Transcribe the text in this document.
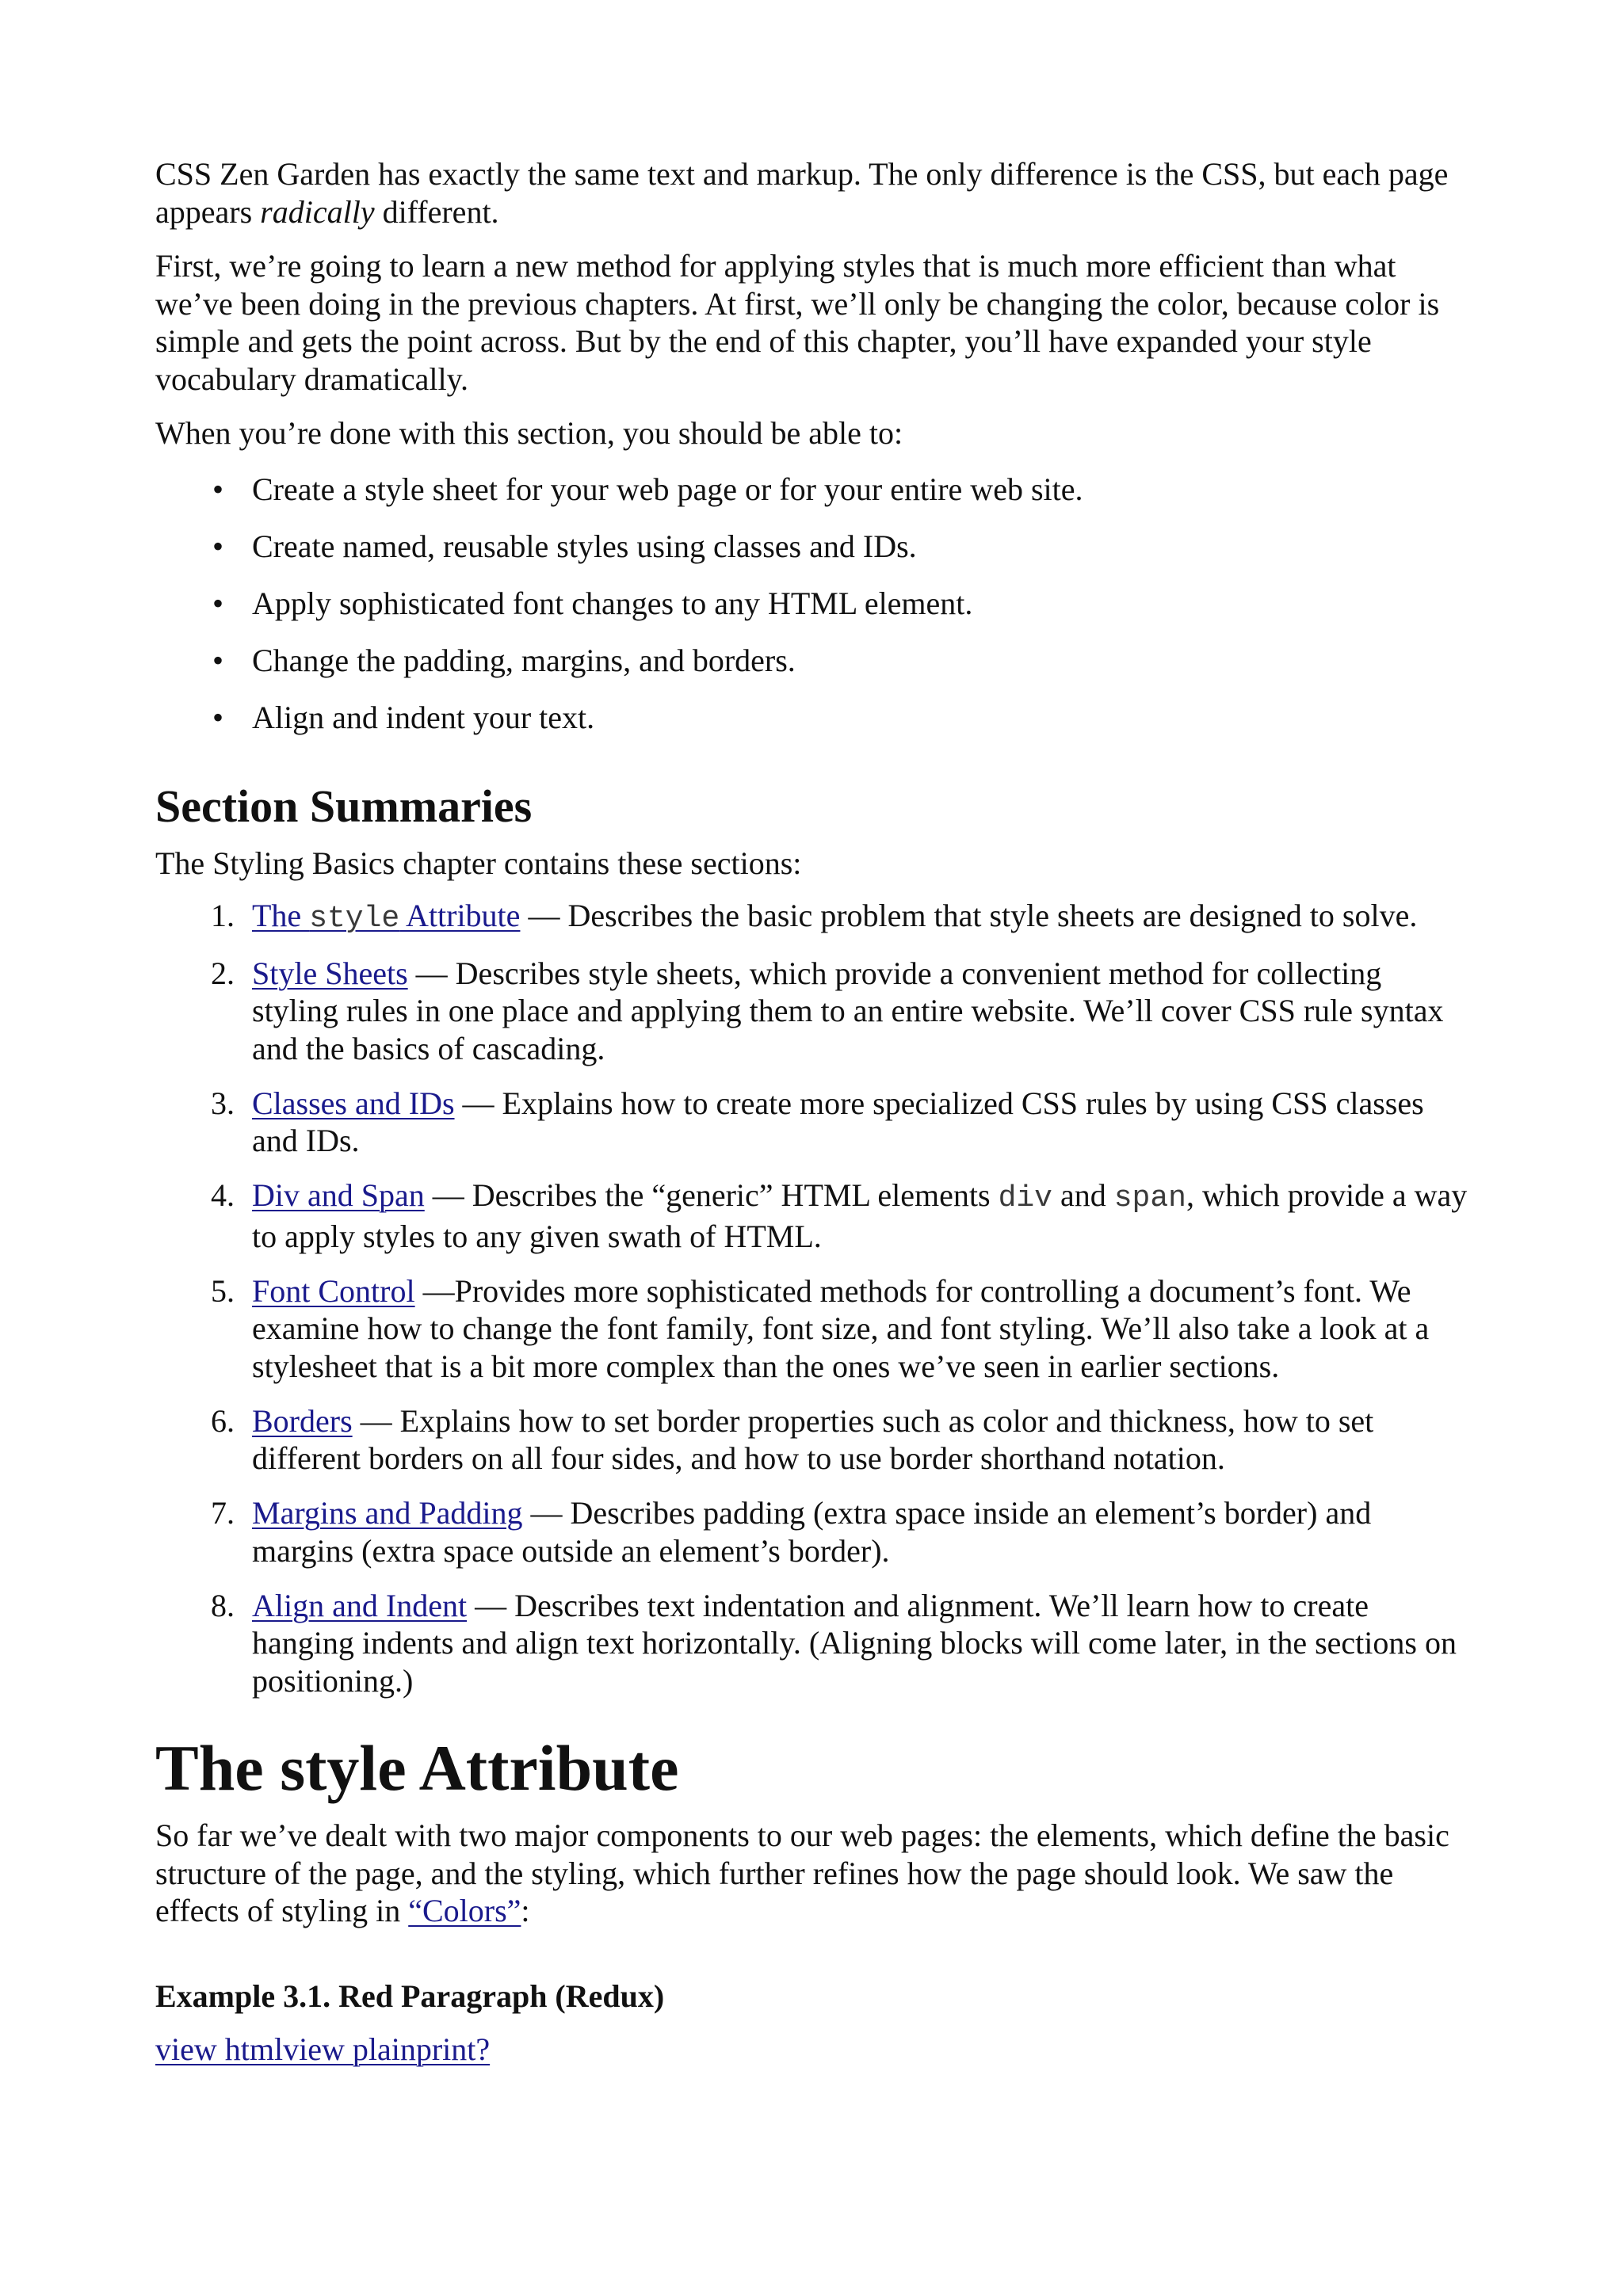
CSS Zen Garden has exactly the same text and markup. The only difference is the CSS, but each page appears radically different.

First, we’re going to learn a new method for applying styles that is much more efficient than what we’ve been doing in the previous chapters. At first, we’ll only be changing the color, because color is simple and gets the point across. But by the end of this chapter, you’ll have expanded your style vocabulary dramatically.

When you’re done with this section, you should be able to:

• Create a style sheet for your web page or for your entire web site.
• Create named, reusable styles using classes and IDs.
• Apply sophisticated font changes to any HTML element.
• Change the padding, margins, and borders.
• Align and indent your text.
Section Summaries

The Styling Basics chapter contains these sections:

1. The style Attribute — Describes the basic problem that style sheets are designed to solve.
2. Style Sheets — Describes style sheets, which provide a convenient method for collecting styling rules in one place and applying them to an entire website. We’ll cover CSS rule syntax and the basics of cascading.
3. Classes and IDs — Explains how to create more specialized CSS rules by using CSS classes and IDs.
4. Div and Span — Describes the “generic” HTML elements div and span, which provide a way to apply styles to any given swath of HTML.
5. Font Control —Provides more sophisticated methods for controlling a document’s font. We examine how to change the font family, font size, and font styling. We’ll also take a look at a stylesheet that is a bit more complex than the ones we’ve seen in earlier sections.
6. Borders — Explains how to set border properties such as color and thickness, how to set different borders on all four sides, and how to use border shorthand notation.
7. Margins and Padding — Describes padding (extra space inside an element’s border) and margins (extra space outside an element’s border).
8. Align and Indent — Describes text indentation and alignment. We’ll learn how to create hanging indents and align text horizontally. (Aligning blocks will come later, in the sections on positioning.)
The style Attribute

So far we’ve dealt with two major components to our web pages: the elements, which define the basic structure of the page, and the styling, which further refines how the page should look. We saw the effects of styling in “Colors”:

Example 3.1. Red Paragraph (Redux)

view htmlview plainprint?
